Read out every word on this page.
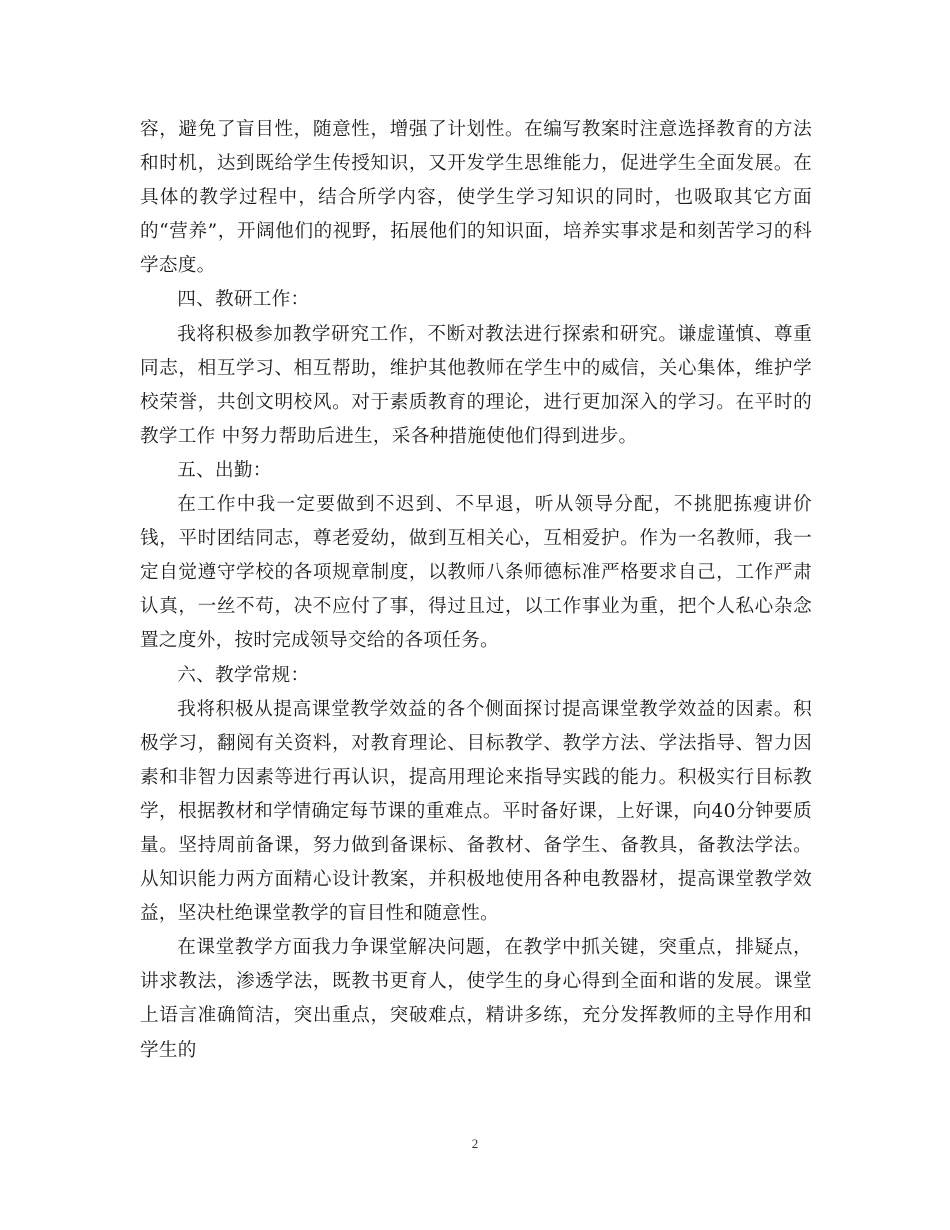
容，避免了盲目性，随意性，增强了计划性。在编写教案时注意选择教育的方法和时机，达到既给学生传授知识，又开发学生思维能力，促进学生全面发展。在具体的教学过程中，结合所学内容，使学生学习知识的同时，也吸取其它方面的“营养”，开阔他们的视野，拓展他们的知识面，培养实事求是和刻苦学习的科学态度。

四、教研工作：

我将积极参加教学研究工作，不断对教法进行探索和研究。谦虚谨慎、尊重同志，相互学习、相互帮助，维护其他教师在学生中的威信，关心集体，维护学校荣誉，共创文明校风。对于素质教育的理论，进行更加深入的学习。在平时的教学工作 中努力帮助后进生，采各种措施使他们得到进步。

五、出勤：

在工作中我一定要做到不迟到、不早退，听从领导分配，不挑肥拣瘦讲价钱，平时团结同志，尊老爱幼，做到互相关心，互相爱护。作为一名教师，我一定自觉遵守学校的各项规章制度，以教师八条师德标准严格要求自己，工作严肃认真，一丝不苟，决不应付了事，得过且过，以工作事业为重，把个人私心杂念置之度外，按时完成领导交给的各项任务。

六、教学常规：

我将积极从提高课堂教学效益的各个侧面探讨提高课堂教学效益的因素。积极学习，翻阅有关资料，对教育理论、目标教学、教学方法、学法指导、智力因素和非智力因素等进行再认识，提高用理论来指导实践的能力。积极实行目标教学，根据教材和学情确定每节课的重难点。平时备好课，上好课，向40分钟要质量。坚持周前备课，努力做到备课标、备教材、备学生、备教具，备教法学法。从知识能力两方面精心设计教案，并积极地使用各种电教器材，提高课堂教学效益，坚决杜绝课堂教学的盲目性和随意性。

在课堂教学方面我力争课堂解决问题，在教学中抓关键，突重点，排疑点，讲求教法，渗透学法，既教书更育人，使学生的身心得到全面和谐的发展。课堂上语言准确简洁，突出重点，突破难点，精讲多练，充分发挥教师的主导作用和学生的

2
